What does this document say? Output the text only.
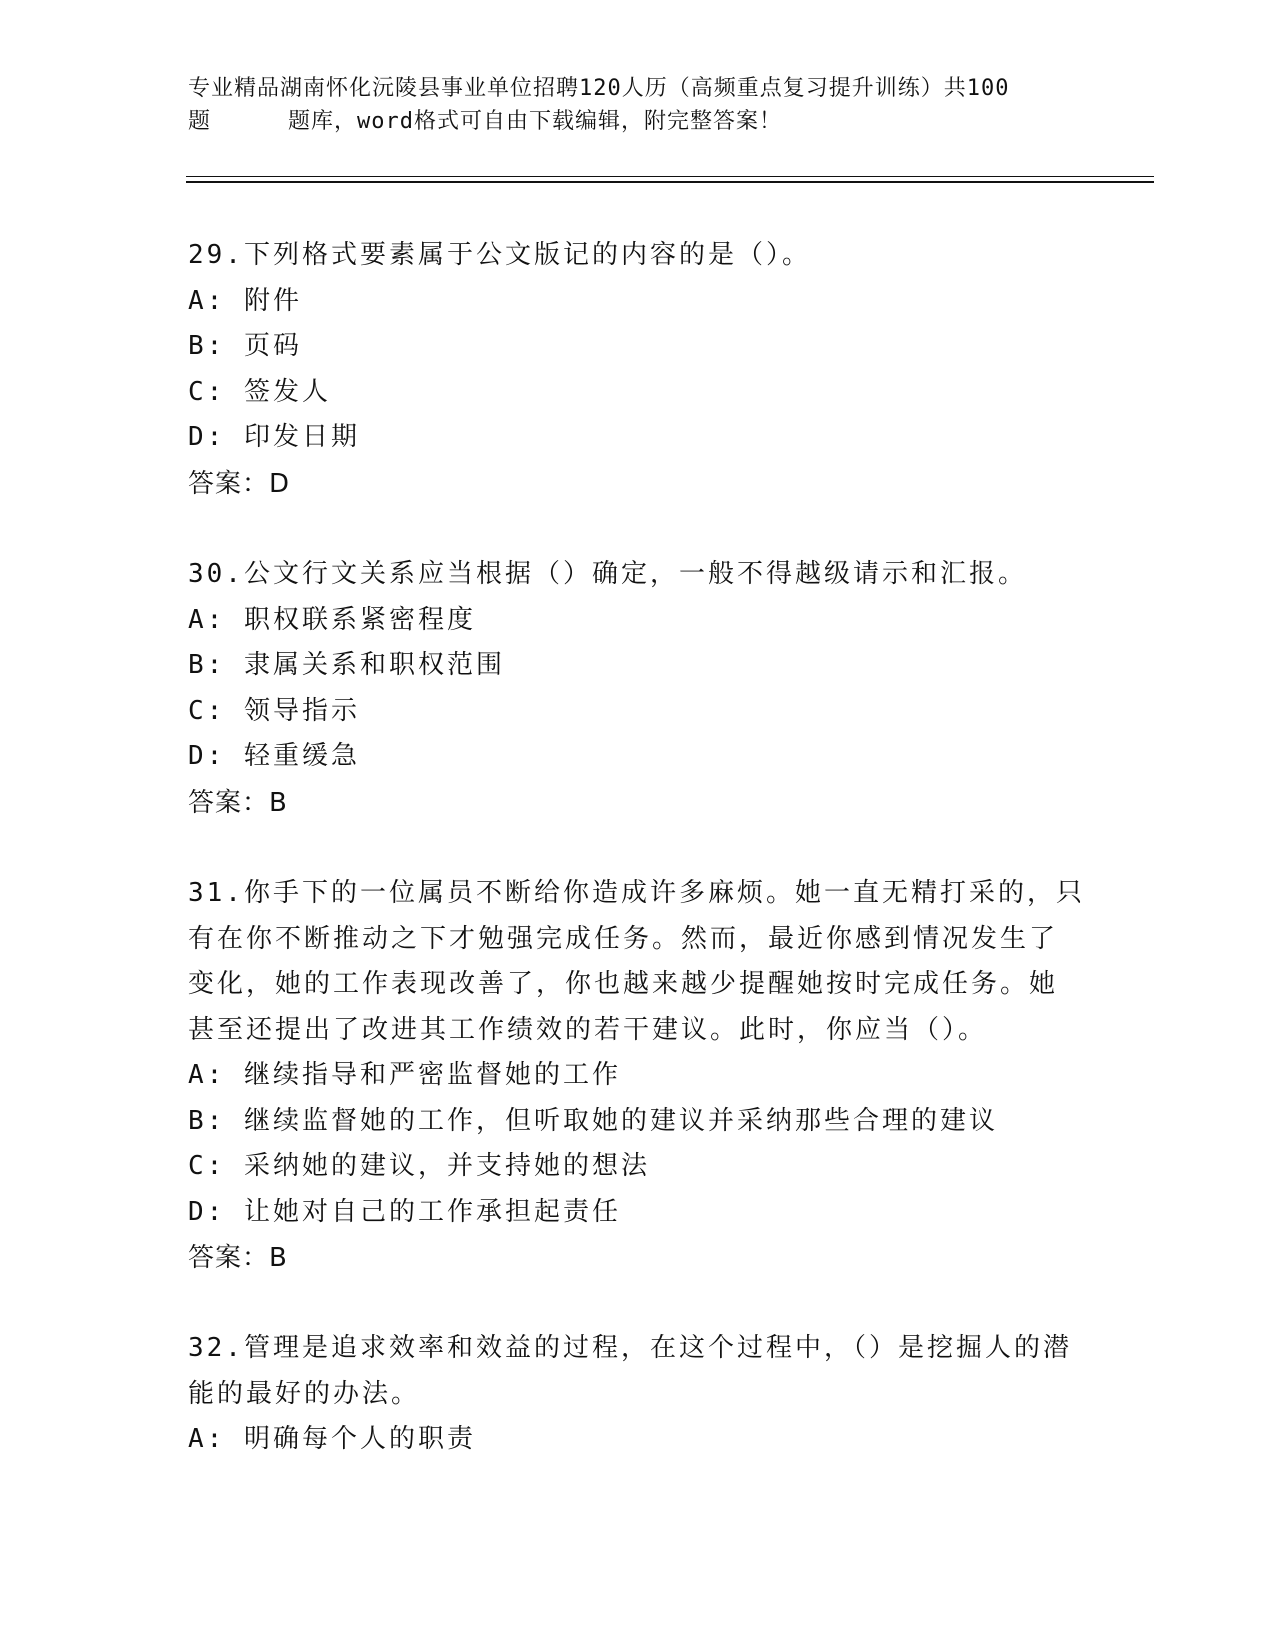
专业精品湖南怀化沅陵县事业单位招聘120人历（高频重点复习提升训练）共100
题	题库，word格式可自由下载编辑，附完整答案！

29.下列格式要素属于公文版记的内容的是（）。

A: 附件

B: 页码

C: 签发人

D: 印发日期

答案：D

30.公文行文关系应当根据（）确定，一般不得越级请示和汇报。

A: 职权联系紧密程度

B: 隶属关系和职权范围

C: 领导指示

D: 轻重缓急

答案：B

31.你手下的一位属员不断给你造成许多麻烦。她一直无精打采的，只

有在你不断推动之下才勉强完成任务。然而，最近你感到情况发生了

变化，她的工作表现改善了，你也越来越少提醒她按时完成任务。她

甚至还提出了改进其工作绩效的若干建议。此时，你应当（）。

A: 继续指导和严密监督她的工作

B: 继续监督她的工作，但听取她的建议并采纳那些合理的建议

C: 采纳她的建议，并支持她的想法

D: 让她对自己的工作承担起责任

答案：B

32.管理是追求效率和效益的过程，在这个过程中，（）是挖掘人的潜

能的最好的办法。

A: 明确每个人的职责
